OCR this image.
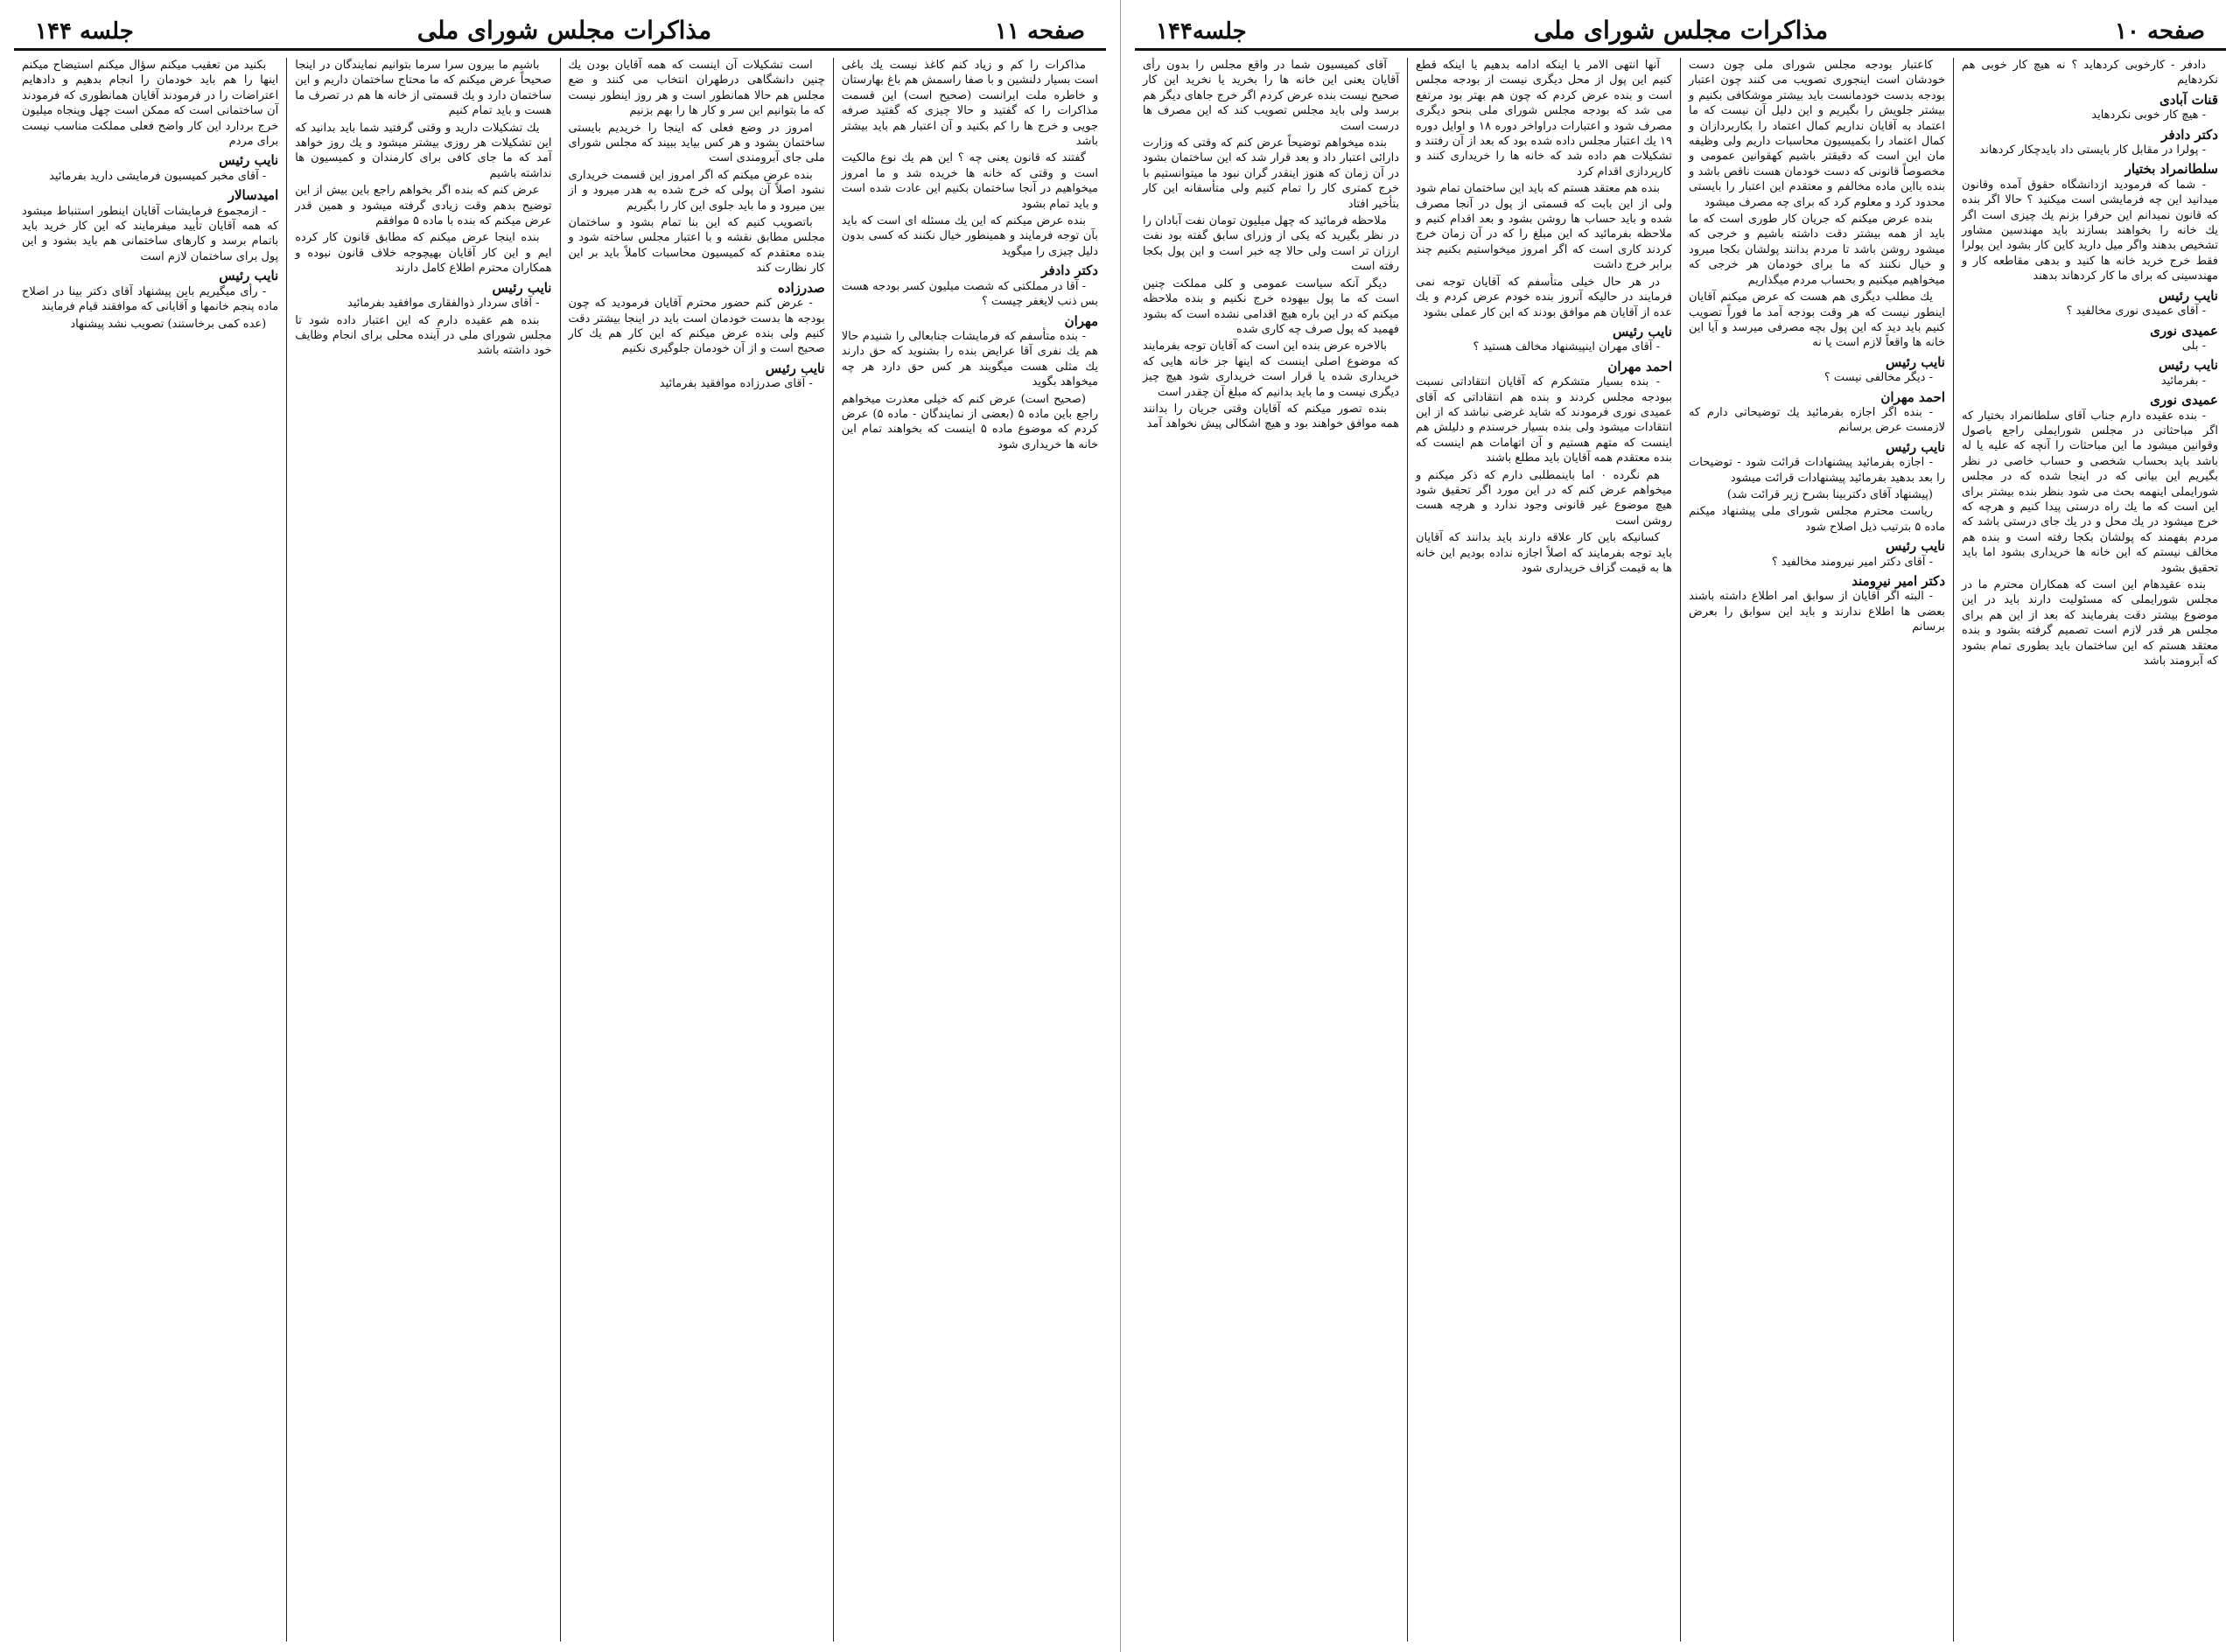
صفحه ۱۰
مذاکرات مجلس شورای ملی
جلسه۱۴۴

دادفر - کارخوبی کردهاید ؟ نه هیچ کار خوبی هم نکردهایم

قنات آبادی

- هیچ کار خوبی نکردهاید

دکتر دادفر

- پولرا در مقابل کار بایستی داد بایدچکار کردهاند

سلطانمراد بختیار

- شما که فرمودید ازدانشگاه حقوق آمده وقانون میدانید این چه فرمایشی است میکنید ؟ حالا اگر بنده که قانون نمیدانم این حرفرا بزنم یك چیزی است اگر یك خانه را بخواهند بسازند باید مهندسین مشاور تشخیص بدهند واگر میل دارید کاین کار بشود این پولرا فقط خرج خرید خانه ها کنید و بدهی مقاطعه کار و مهندسینی که برای ما کار کردهاند بدهند

نایب رئیس

- آقای عمیدی نوری مخالفید ؟

عمیدی نوری

- بلی

نایب رئیس

- بفرمائید

عمیدی نوری

- بنده عقیده دارم جناب آقای سلطانمراد بختیار که اگر مباحثاتی در مجلس شورایملی راجع باصول وقوانین میشود ما این مباحثات را آنچه که علیه یا له باشد باید بحساب شخصی و حساب خاصی در نظر بگیریم این بیانی که در اینجا شده که در مجلس شورایملی اینهمه بحث می شود بنظر بنده بیشتر برای این است که ما یك راه درستی پیدا کنیم و هرچه که خرج میشود در یك محل و در یك جای درستی باشد که مردم بفهمند که پولشان بکجا رفته است و بنده هم مخالف نیستم که این خانه ها خریداری بشود اما باید تحقیق بشود

بنده عقیدهام این است که همکاران محترم ما در مجلس شورایملی که مسئولیت دارند باید در این موضوع بیشتر دقت بفرمایند که بعد از این هم برای مجلس هر قدر لازم است تصمیم گرفته بشود و بنده معتقد هستم که این ساختمان باید بطوری تمام بشود که آبرومند باشد

کاعتبار بودجه مجلس شورای ملی چون دست خودشان است اینجوری تصویب می کنند چون اعتبار بودجه بدست خودمانست باید بیشتر موشکافی بکنیم و بیشتر جلویش را بگیریم و این دلیل آن نیست که ما اعتماد به آقایان نداریم کمال اعتماد را بکاربردازان و کمال اعتماد را بکمیسیون محاسبات داریم ولی وظیفه مان این است که دقیقتر باشیم کهقوانین عمومی و مخصوصاً قانونی که دست خودمان هست ناقص باشد و بنده بااین ماده مخالفم و معتقدم این اعتبار را بایستی محدود کرد و معلوم کرد که برای چه مصرف میشود

بنده عرض میکنم که جریان کار طوری است که ما باید از همه بیشتر دقت داشته باشیم و خرجی که میشود روشن باشد تا مردم بدانند پولشان بکجا میرود و خیال نکنند که ما برای خودمان هر خرجی که میخواهیم میکنیم و بحساب مردم میگذاریم

یك مطلب دیگری هم هست که عرض میکنم آقایان اینطور نیست که هر وقت بودجه آمد ما فوراً تصویب کنیم باید دید که این پول بچه مصرفی میرسد و آیا این خانه ها واقعاً لازم است یا نه

نایب رئیس

- دیگر مخالفی نیست ؟

احمد مهران

- بنده اگر اجازه بفرمائید یك توضیحاتی دارم که لازمست عرض برسانم

نایب رئیس

- اجازه بفرمائید پیشنهادات قرائت شود - توضیحات را بعد بدهید بفرمائید پیشنهادات قرائت میشود

(پیشنهاد آقای دکتربینا بشرح زیر قرائت شد)

ریاست محترم مجلس شورای ملی پیشنهاد میکنم ماده ۵ بترتیب ذیل اصلاح شود

نایب رئیس

- آقای دکتر امیر نیرومند مخالفید ؟

دکتر امیر نیرومند

- البته اگر آقایان از سوابق امر اطلاع داشته باشند بعضی ها اطلاع ندارند و باید این سوابق را بعرض برسانم

آنها انتهی الامر یا اینکه ادامه بدهیم یا اینکه قطع کنیم این پول از محل دیگری نیست از بودجه مجلس است و بنده عرض کردم که چون هم بهتر بود مرتفع می شد که بودجه مجلس شورای ملی بنحو دیگری مصرف شود و اعتبارات دراواخر دوره ۱۸ و اوایل دوره ۱۹ یك اعتبار مجلس داده شده بود که بعد از آن رفتند و تشکیلات هم داده شد که خانه ها را خریداری کنند و کارپردازی اقدام کرد

بنده هم معتقد هستم که باید این ساختمان تمام شود ولی از این بابت که قسمتی از پول در آنجا مصرف شده و باید حساب ها روشن بشود و بعد اقدام کنیم و ملاحظه بفرمائید که این مبلغ را که در آن زمان خرج کردند کاری است که اگر امروز میخواستیم بکنیم چند برابر خرج داشت

در هر حال خیلی متأسفم که آقایان توجه نمی فرمایند در حالیکه آنروز بنده خودم عرض کردم و یك عده از آقایان هم موافق بودند که این کار عملی بشود

نایب رئیس

- آقای مهران اینپیشنهاد مخالف هستید ؟

احمد مهران

- بنده بسیار متشکرم که آقایان انتقاداتی نسبت ببودجه مجلس کردند و بنده هم انتقاداتی که آقای عمیدی نوری فرمودند که شاید غرضی نباشد که از این انتقادات میشود ولی بنده بسیار خرسندم و دلیلش هم اینست که متهم هستیم و آن اتهامات هم اینست که بنده معتقدم همه آقایان باید مطلع باشند

هم نگرده ۰ اما باینمطلبی دارم که ذکر میکنم و میخواهم عرض کنم که در این مورد اگر تحقیق شود هیچ موضوع غیر قانونی وجود ندارد و هرچه هست روشن است

کسانیکه باین کار علاقه دارند باید بدانند که آقایان باید توجه بفرمایند که اصلاً اجازه نداده بودیم این خانه ها به قیمت گزاف خریداری شود

آقای کمیسیون شما در واقع مجلس را بدون رأی آقایان یعنی این خانه ها را بخرید یا نخرید این کار صحیح نیست بنده عرض کردم اگر خرج جاهای دیگر هم برسد ولی باید مجلس تصویب کند که این مصرف ها درست است

بنده میخواهم توضیحاً عرض کنم که وقتی که وزارت دارائی اعتبار داد و بعد قرار شد که این ساختمان بشود در آن زمان که هنوز اینقدر گران نبود ما میتوانستیم با خرج کمتری کار را تمام کنیم ولی متأسفانه این کار بتأخیر افتاد

ملاحظه فرمائید که چهل میلیون تومان نفت آبادان را در نظر بگیرید که یکی از وزرای سابق گفته بود نفت ارزان تر است ولی حالا چه خبر است و این پول بکجا رفته است

دیگر آنکه سیاست عمومی و کلی مملکت چنین است که ما پول بیهوده خرج نکنیم و بنده ملاحظه میکنم که در این باره هیچ اقدامی نشده است که بشود فهمید که پول صرف چه کاری شده

بالاخره عرض بنده این است که آقایان توجه بفرمایند که موضوع اصلی اینست که اینها جز خانه هایی که خریداری شده یا قرار است خریداری شود هیچ چیز دیگری نیست و ما باید بدانیم که مبلغ آن چقدر است

بنده تصور میکنم که آقایان وقتی جریان را بدانند همه موافق خواهند بود و هیچ اشکالی پیش نخواهد آمد

صفحه ۱۱
مذاکرات مجلس شورای ملی
جلسه ۱۴۴

مذاکرات را کم و زیاد کنم کاغذ نیست یك باغی است بسیار دلنشین و با صفا راسمش هم باغ بهارستان و خاطره ملت ایرانست (صحیح است) این قسمت مذاکرات را که گفتید و حالا چیزی که گفتید صرفه جویی و خرج ها را کم بکنید و آن اعتبار هم باید بیشتر باشد

گفتند که قانون یعنی چه ؟ این هم یك نوع مالکیت است و وقتی که خانه ها خریده شد و ما امروز میخواهیم در آنجا ساختمان بکنیم این عادت شده است و باید تمام بشود

بنده عرض میکنم که این یك مسئله ای است که باید بآن توجه فرمایند و همینطور خیال نکنند که کسی بدون دلیل چیزی را میگوید

دکتر دادفر

- آقا در مملکتی که شصت میلیون کسر بودجه هست بس ذنب لایغفر چیست ؟

مهران

- بنده متأسفم که فرمایشات جنابعالی را شنیدم حالا هم یك نفری آقا عرایض بنده را بشنوید که حق دارند یك مثلی هست میگویند هر کس حق دارد هر چه میخواهد بگوید

(صحیح است) عرض کنم که خیلی معذرت میخواهم راجع باین ماده ۵ (بعضی از نمایندگان - ماده ۵) عرض کردم که موضوع ماده ۵ اینست که بخواهند تمام این خانه ها خریداری شود

است تشکیلات آن اینست که همه آقایان بودن یك چنین دانشگاهی درطهران انتخاب می کنند و ضع مجلس هم حالا همانطور است و هر روز اینطور نیست که ما بتوانیم این سر و کار ها را بهم بزنیم

امروز در وضع فعلی که اینجا را خریدیم بایستی ساختمان بشود و هر کس بیاید ببیند که مجلس شورای ملی جای آبرومندی است

بنده عرض میکنم که اگر امروز این قسمت خریداری نشود اصلاً آن پولی که خرج شده به هدر میرود و از بین میرود و ما باید جلوی این کار را بگیریم

باتصویب کنیم که این بنا تمام بشود و ساختمان مجلس مطابق نقشه و با اعتبار مجلس ساخته شود و بنده معتقدم که کمیسیون محاسبات کاملاً باید بر این کار نظارت کند

صدرزاده

- عرض کنم حضور محترم آقایان فرمودید که چون بودجه ها بدست خودمان است باید در اینجا بیشتر دقت کنیم ولی بنده عرض میکنم که این کار هم یك کار صحیح است و از آن خودمان جلوگیری نکنیم

نایب رئیس

- آقای صدرزاده موافقید بفرمائید

باشیم ما بیرون سرا سرما بتوانیم نمایندگان در اینجا صحیحاً عرض میکنم که ما محتاج ساختمان داریم و این ساختمان دارد و یك قسمتی از خانه ها هم در تصرف ما هست و باید تمام کنیم

یك تشکیلات دارید و وقتی گرفتید شما باید بدانید که این تشکیلات هر روزی بیشتر میشود و یك روز خواهد آمد که ما جای کافی برای کارمندان و کمیسیون ها نداشته باشیم

عرض کنم که بنده اگر بخواهم راجع باین بیش از این توضیح بدهم وقت زیادی گرفته میشود و همین قدر عرض میکنم که بنده با ماده ۵ موافقم

بنده اینجا عرض میکنم که مطابق قانون کار کرده ایم و این کار آقایان بهیچوجه خلاف قانون نبوده و همکاران محترم اطلاع کامل دارند

نایب رئیس

- آقای سردار ذوالفقاری موافقید بفرمائید

بنده هم عقیده دارم که این اعتبار داده شود تا مجلس شورای ملی در آینده محلی برای انجام وظایف خود داشته باشد

بکنید من تعقیب میکنم سؤال میکنم استیضاح میکنم اینها را هم باید خودمان را انجام بدهیم و دادهایم اعتراضات را در فرمودند آقایان همانطوری که فرمودند آن ساختمانی است که ممکن است چهل وپنجاه میلیون خرج بردارد این کار واضح فعلی مملکت مناسب نیست برای مردم

نایب رئیس

- آقای مخبر کمیسیون فرمایشی دارید بفرمائید

امیدسالار

- ازمجموع فرمایشات آقایان اینطور استنباط میشود که همه آقایان تأیید میفرمایند که این کار خرید باید باتمام برسد و کارهای ساختمانی هم باید بشود و این پول برای ساختمان لازم است

نایب رئیس

- رأی میگیریم باین پیشنهاد آقای دکتر بینا در اصلاح ماده پنجم خانمها و آقایانی که موافقند قیام فرمایند

(عده کمی برخاستند) تصویب نشد پیشنهاد
